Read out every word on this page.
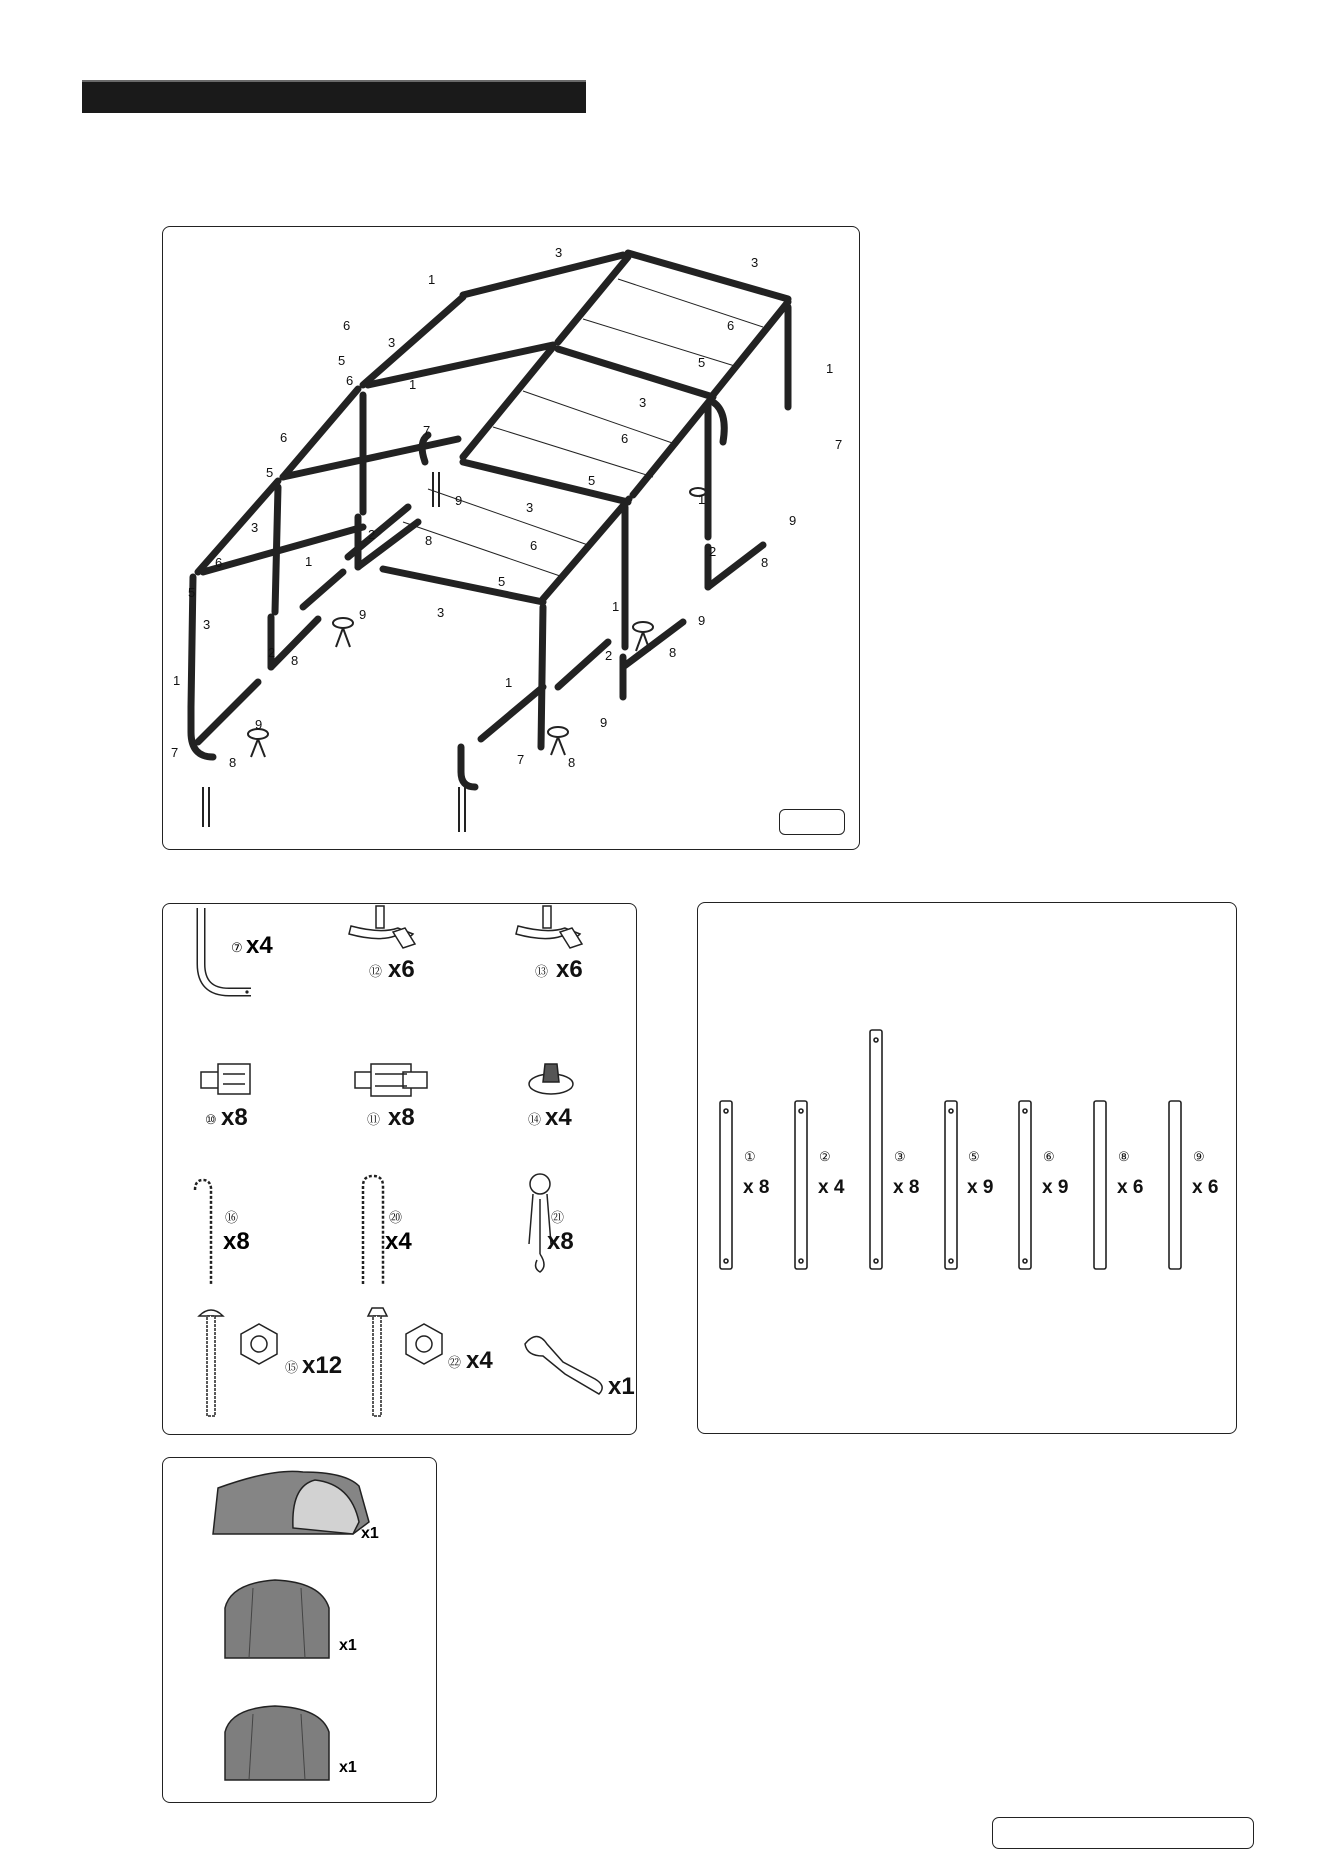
3
3
6
5
3
6
5
3
6
5
3
1
1
1
1
1
1
1	1
3
6
5
6
5
3
6
5
3
6
7
7
7	7
2
2
2	2
8
8
8
8
8	8
9
9
9	9
9	9
⑦ x4
⑫ x6	⑬ x6
⑩ x8	⑪ x8	⑭ x4
⑯
x8
⑳
x4
㉑
x8
⑮ x12	㉒ x4
x1
①	②	③	⑤	⑥	⑧	⑨
x 8	x 4	x 8	x 9	x 9	x 6	x 6
x1
x1
x1
